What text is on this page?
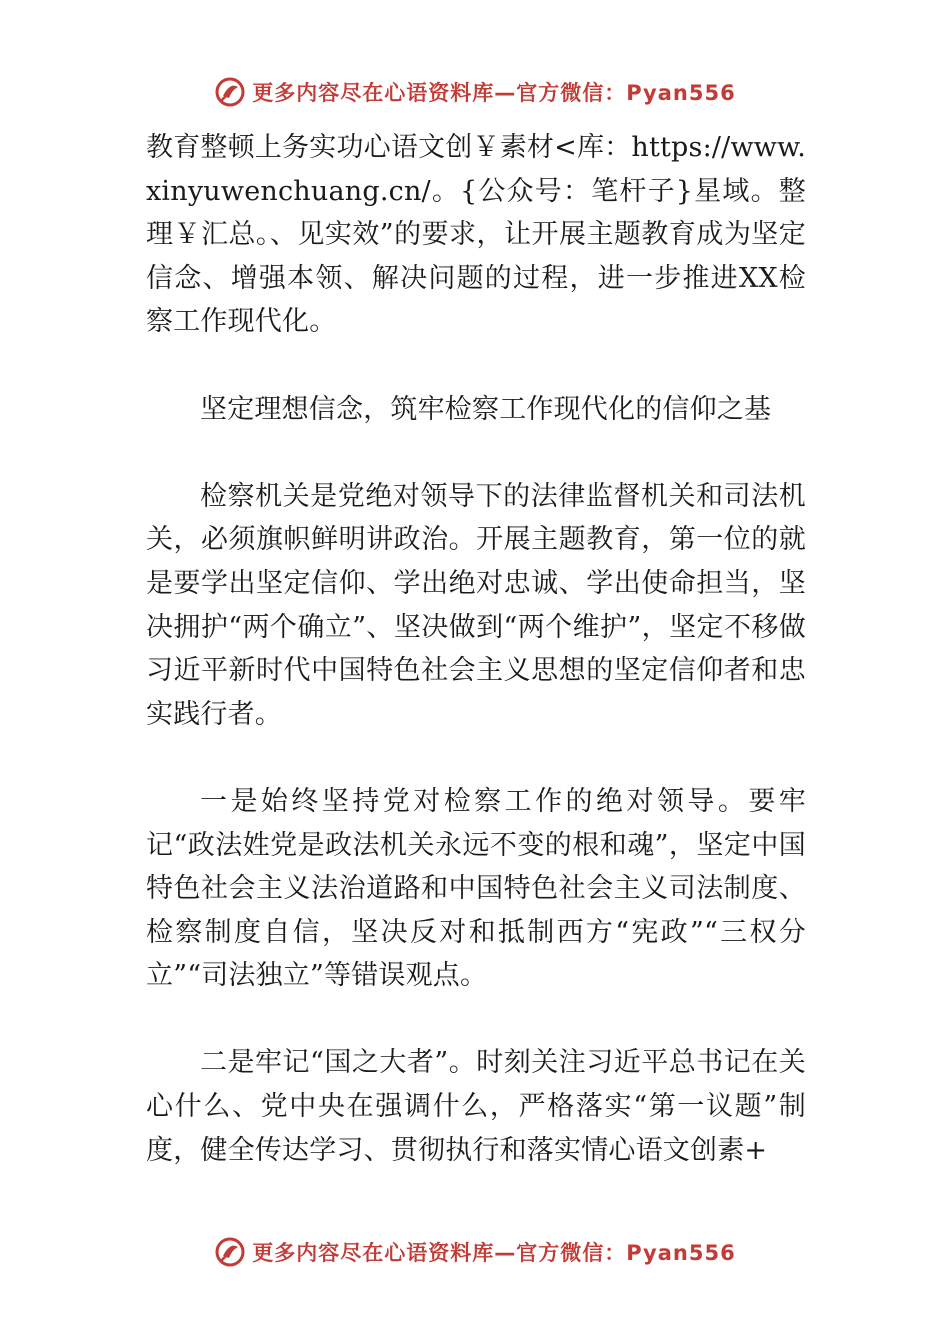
更多内容尽在心语资料库—官方微信：Pyan556

教育整顿上务实功心语文创￥素材<库：https://www.xinyuwenchuang.cn/。{公众号：笔杆子}星域。整理￥汇总。、见实效”的要求，让开展主题教育成为坚定信念、增强本领、解决问题的过程，进一步推进XX检察工作现代化。

坚定理想信念，筑牢检察工作现代化的信仰之基

检察机关是党绝对领导下的法律监督机关和司法机关，必须旗帜鲜明讲政治。开展主题教育，第一位的就是要学出坚定信仰、学出绝对忠诚、学出使命担当，坚决拥护“两个确立”、坚决做到“两个维护”，坚定不移做习近平新时代中国特色社会主义思想的坚定信仰者和忠实践行者。

一是始终坚持党对检察工作的绝对领导。要牢记“政法姓党是政法机关永远不变的根和魂”，坚定中国特色社会主义法治道路和中国特色社会主义司法制度、检察制度自信，坚决反对和抵制西方“宪政”“三权分立”“司法独立”等错误观点。

二是牢记“国之大者”。时刻关注习近平总书记在关心什么、党中央在强调什么，严格落实“第一议题”制度，健全传达学习、贯彻执行和落实情心语文创素+

更多内容尽在心语资料库—官方微信：Pyan556
